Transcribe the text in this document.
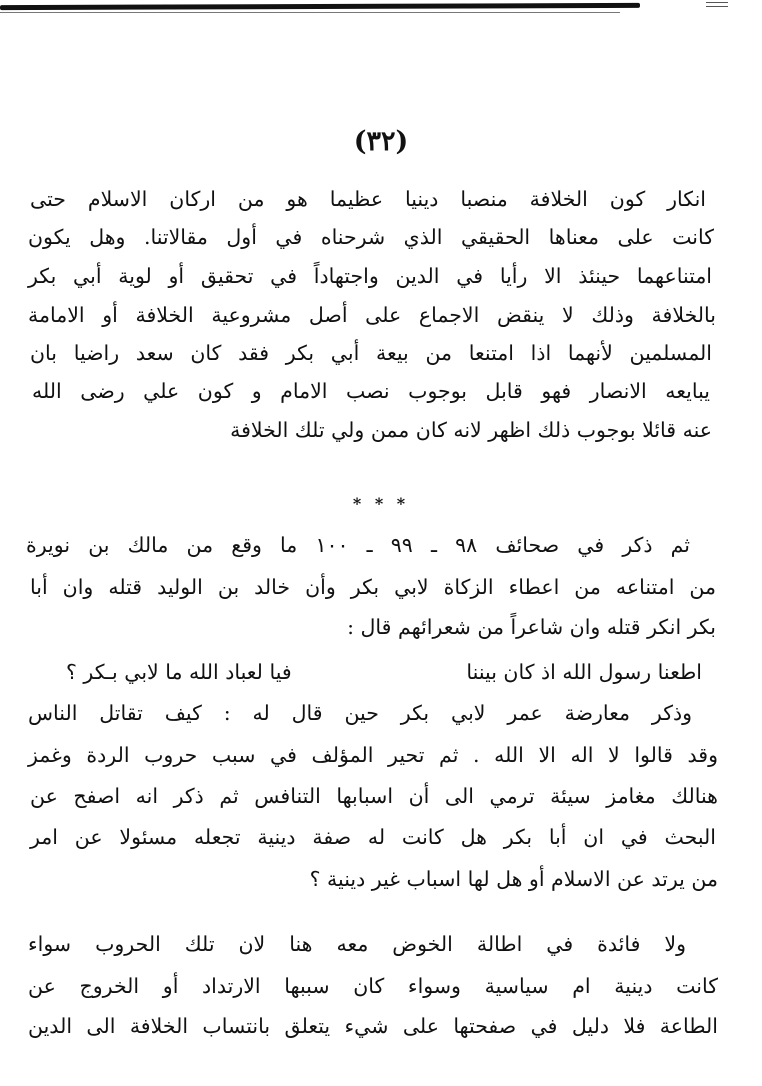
(٣٢)
انكار كون الخلافة منصبا دينيا عظيما هو من اركان الاسلام حتى
كانت على معناها الحقيقي الذي شرحناه في أول مقالاتنا. وهل يكون
امتناعهما حينئذ الا رأيا في الدين واجتهاداً في تحقيق أو لوية أبي بكر
بالخلافة وذلك لا ينقض الاجماع على أصل مشروعية الخلافة أو الامامة
المسلمين لأنهما اذا امتنعا من بيعة أبي بكر فقد كان سعد راضيا بان
يبايعه الانصار فهو قابل بوجوب نصب الامام و كون علي رضى الله
عنه قائلا بوجوب ذلك اظهر لانه كان ممن ولي تلك الخلافة
* * *
ثم ذكر في صحائف ٩٨ ـ ٩٩ ـ ١٠٠ ما وقع من مالك بن نويرة
من امتناعه من اعطاء الزكاة لابي بكر وأن خالد بن الوليد قتله وان أبا
بكر انكر قتله وان شاعراً من شعرائهم قال :
اطعنا رسول الله اذ كان بيننا
فيا لعباد الله ما لابي بـكر ؟
وذكر معارضة عمر لابي بكر حين قال له : كيف تقاتل الناس
وقد قالوا لا اله الا الله . ثم تحير المؤلف في سبب حروب الردة وغمز
هنالك مغامز سيئة ترمي الى أن اسبابها التنافس ثم ذكر انه اصفح عن
البحث في ان أبا بكر هل كانت له صفة دينية تجعله مسئولا عن امر
من يرتد عن الاسلام أو هل لها اسباب غير دينية ؟
ولا فائدة في اطالة الخوض معه هنا لان تلك الحروب سواء
كانت دينية ام سياسية وسواء كان سببها الارتداد أو الخروج عن
الطاعة فلا دليل في صفحتها على شيء يتعلق بانتساب الخلافة الى الدين
